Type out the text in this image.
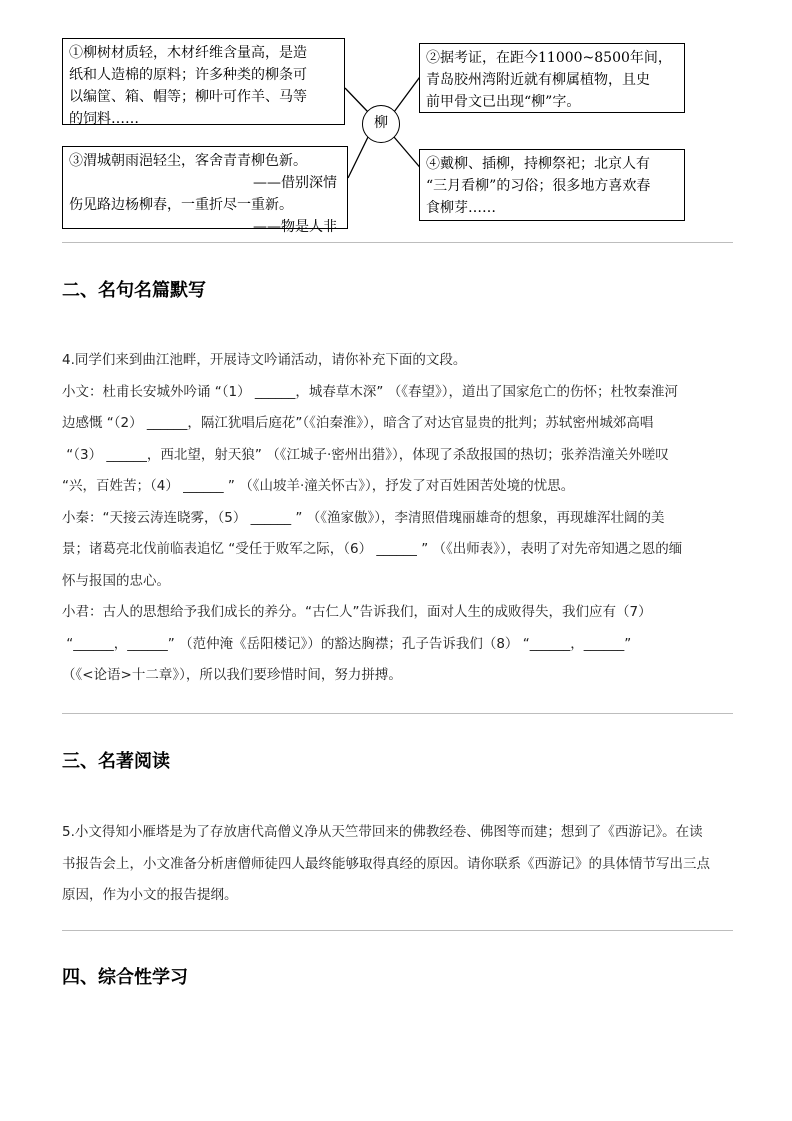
①柳树材质轻，木材纤维含量高，是造
纸和人造棉的原料；许多种类的柳条可
以编筐、箱、帽等；柳叶可作羊、马等
的饲料……
②据考证，在距今11000~8500年间，
青岛胶州湾附近就有柳属植物，且史
前甲骨文已出现“柳”字。
③渭城朝雨浥轻尘，客舍青青柳色新。
——借别深情
伤见路边杨柳春，一重折尽一重新。
——物是人非
④戴柳、插柳，持柳祭祀；北京人有
“三月看柳”的习俗；很多地方喜欢春
食柳芽……
柳
二、名句名篇默写

4.同学们来到曲江池畔，开展诗文吟诵活动，请你补充下面的文段。

小文：杜甫长安城外吟诵 “（1） ______，城春草木深” （《春望》），道出了国家危亡的伤怀；杜牧秦淮河

边感慨 “（2） ______，隔江犹唱后庭花”（《泊秦淮》），暗含了对达官显贵的批判；苏轼密州城郊高唱

“（3） ______，西北望，射天狼” （《江城子·密州出猎》），体现了杀敌报国的热切；张养浩潼关外嗟叹

“兴，百姓苦；（4） ______ ” （《山坡羊·潼关怀古》），抒发了对百姓困苦处境的忧思。

小秦：“天接云涛连晓雾，（5） ______ ” （《渔家傲》），李清照借瑰丽雄奇的想象，再现雄浑壮阔的美

景；诸葛亮北伐前临表追忆 “受任于败军之际，（6） ______ ” （《出师表》），表明了对先帝知遇之恩的缅

怀与报国的忠心。

小君：古人的思想给予我们成长的养分。“古仁人”告诉我们，面对人生的成败得失，我们应有（7）

“______，______” （范仲淹《岳阳楼记》）的豁达胸襟；孔子告诉我们（8） “______，______”

（《<论语>十二章》），所以我们要珍惜时间，努力拼搏。

三、名著阅读

5.小文得知小雁塔是为了存放唐代高僧义净从天竺带回来的佛教经卷、佛图等而建；想到了《西游记》。在读

书报告会上，小文准备分析唐僧师徒四人最终能够取得真经的原因。请你联系《西游记》的具体情节写出三点

原因，作为小文的报告提纲。

四、综合性学习
